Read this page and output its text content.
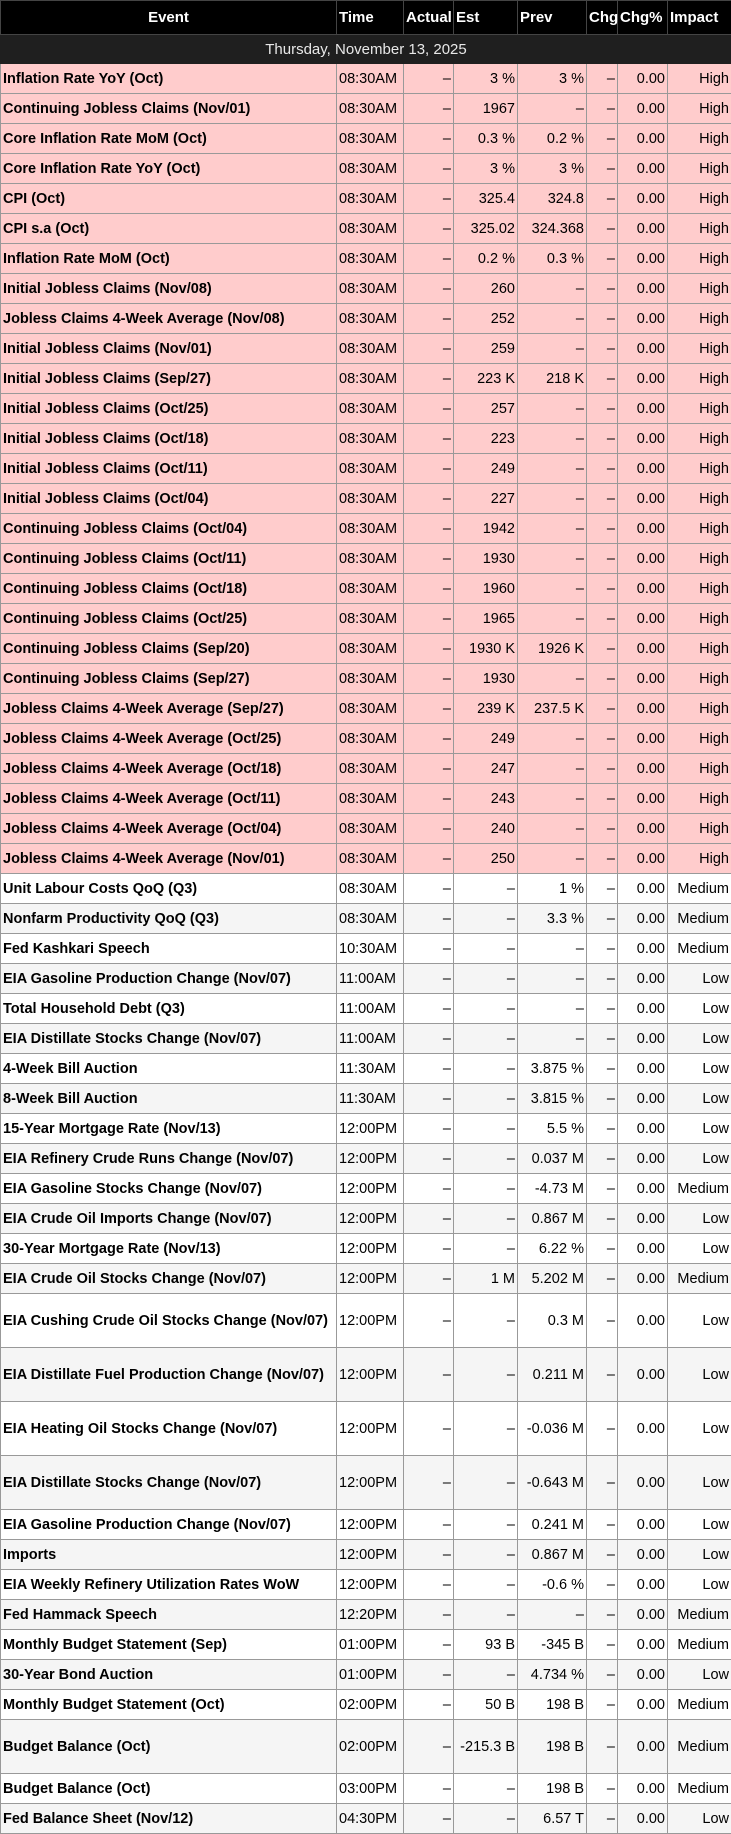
Event	Time	Actual	Est	Prev	Chg	Chg%	Impact
Thursday, November 13, 2025							
Inflation Rate YoY (Oct)	08:30AM	–	3 %	3 %	–	0.00	High
Continuing Jobless Claims (Nov/01)	08:30AM	–	1967	–	–	0.00	High
Core Inflation Rate MoM (Oct)	08:30AM	–	0.3 %	0.2 %	–	0.00	High
Core Inflation Rate YoY (Oct)	08:30AM	–	3 %	3 %	–	0.00	High
CPI (Oct)	08:30AM	–	325.4	324.8	–	0.00	High
CPI s.a (Oct)	08:30AM	–	325.02	324.368	–	0.00	High
Inflation Rate MoM (Oct)	08:30AM	–	0.2 %	0.3 %	–	0.00	High
Initial Jobless Claims (Nov/08)	08:30AM	–	260	–	–	0.00	High
Jobless Claims 4-Week Average (Nov/08)	08:30AM	–	252	–	–	0.00	High
Initial Jobless Claims (Nov/01)	08:30AM	–	259	–	–	0.00	High
Initial Jobless Claims (Sep/27)	08:30AM	–	223 K	218 K	–	0.00	High
Initial Jobless Claims (Oct/25)	08:30AM	–	257	–	–	0.00	High
Initial Jobless Claims (Oct/18)	08:30AM	–	223	–	–	0.00	High
Initial Jobless Claims (Oct/11)	08:30AM	–	249	–	–	0.00	High
Initial Jobless Claims (Oct/04)	08:30AM	–	227	–	–	0.00	High
Continuing Jobless Claims (Oct/04)	08:30AM	–	1942	–	–	0.00	High
Continuing Jobless Claims (Oct/11)	08:30AM	–	1930	–	–	0.00	High
Continuing Jobless Claims (Oct/18)	08:30AM	–	1960	–	–	0.00	High
Continuing Jobless Claims (Oct/25)	08:30AM	–	1965	–	–	0.00	High
Continuing Jobless Claims (Sep/20)	08:30AM	–	1930 K	1926 K	–	0.00	High
Continuing Jobless Claims (Sep/27)	08:30AM	–	1930	–	–	0.00	High
Jobless Claims 4-Week Average (Sep/27)	08:30AM	–	239 K	237.5 K	–	0.00	High
Jobless Claims 4-Week Average (Oct/25)	08:30AM	–	249	–	–	0.00	High
Jobless Claims 4-Week Average (Oct/18)	08:30AM	–	247	–	–	0.00	High
Jobless Claims 4-Week Average (Oct/11)	08:30AM	–	243	–	–	0.00	High
Jobless Claims 4-Week Average (Oct/04)	08:30AM	–	240	–	–	0.00	High
Jobless Claims 4-Week Average (Nov/01)	08:30AM	–	250	–	–	0.00	High
Unit Labour Costs QoQ (Q3)	08:30AM	–	–	1 %	–	0.00	Medium
Nonfarm Productivity QoQ (Q3)	08:30AM	–	–	3.3 %	–	0.00	Medium
Fed Kashkari Speech	10:30AM	–	–	–	–	0.00	Medium
EIA Gasoline Production Change (Nov/07)	11:00AM	–	–	–	–	0.00	Low
Total Household Debt (Q3)	11:00AM	–	–	–	–	0.00	Low
EIA Distillate Stocks Change (Nov/07)	11:00AM	–	–	–	–	0.00	Low
4-Week Bill Auction	11:30AM	–	–	3.875 %	–	0.00	Low
8-Week Bill Auction	11:30AM	–	–	3.815 %	–	0.00	Low
15-Year Mortgage Rate (Nov/13)	12:00PM	–	–	5.5 %	–	0.00	Low
EIA Refinery Crude Runs Change (Nov/07)	12:00PM	–	–	0.037 M	–	0.00	Low
EIA Gasoline Stocks Change (Nov/07)	12:00PM	–	–	-4.73 M	–	0.00	Medium
EIA Crude Oil Imports Change (Nov/07)	12:00PM	–	–	0.867 M	–	0.00	Low
30-Year Mortgage Rate (Nov/13)	12:00PM	–	–	6.22 %	–	0.00	Low
EIA Crude Oil Stocks Change (Nov/07)	12:00PM	–	1 M	5.202 M	–	0.00	Medium
EIA Cushing Crude Oil Stocks Change (Nov/07)	12:00PM	–	–	0.3 M	–	0.00	Low
EIA Distillate Fuel Production Change (Nov/07)	12:00PM	–	–	0.211 M	–	0.00	Low
EIA Heating Oil Stocks Change (Nov/07)	12:00PM	–	–	-0.036 M	–	0.00	Low
EIA Distillate Stocks Change (Nov/07)	12:00PM	–	–	-0.643 M	–	0.00	Low
EIA Gasoline Production Change (Nov/07)	12:00PM	–	–	0.241 M	–	0.00	Low
Imports	12:00PM	–	–	0.867 M	–	0.00	Low
EIA Weekly Refinery Utilization Rates WoW	12:00PM	–	–	-0.6 %	–	0.00	Low
Fed Hammack Speech	12:20PM	–	–	–	–	0.00	Medium
Monthly Budget Statement (Sep)	01:00PM	–	93 B	-345 B	–	0.00	Medium
30-Year Bond Auction	01:00PM	–	–	4.734 %	–	0.00	Low
Monthly Budget Statement (Oct)	02:00PM	–	50 B	198 B	–	0.00	Medium
Budget Balance (Oct)	02:00PM	–	-215.3 B	198 B	–	0.00	Medium
Budget Balance (Oct)	03:00PM	–	–	198 B	–	0.00	Medium
Fed Balance Sheet (Nov/12)	04:30PM	–	–	6.57 T	–	0.00	Low
